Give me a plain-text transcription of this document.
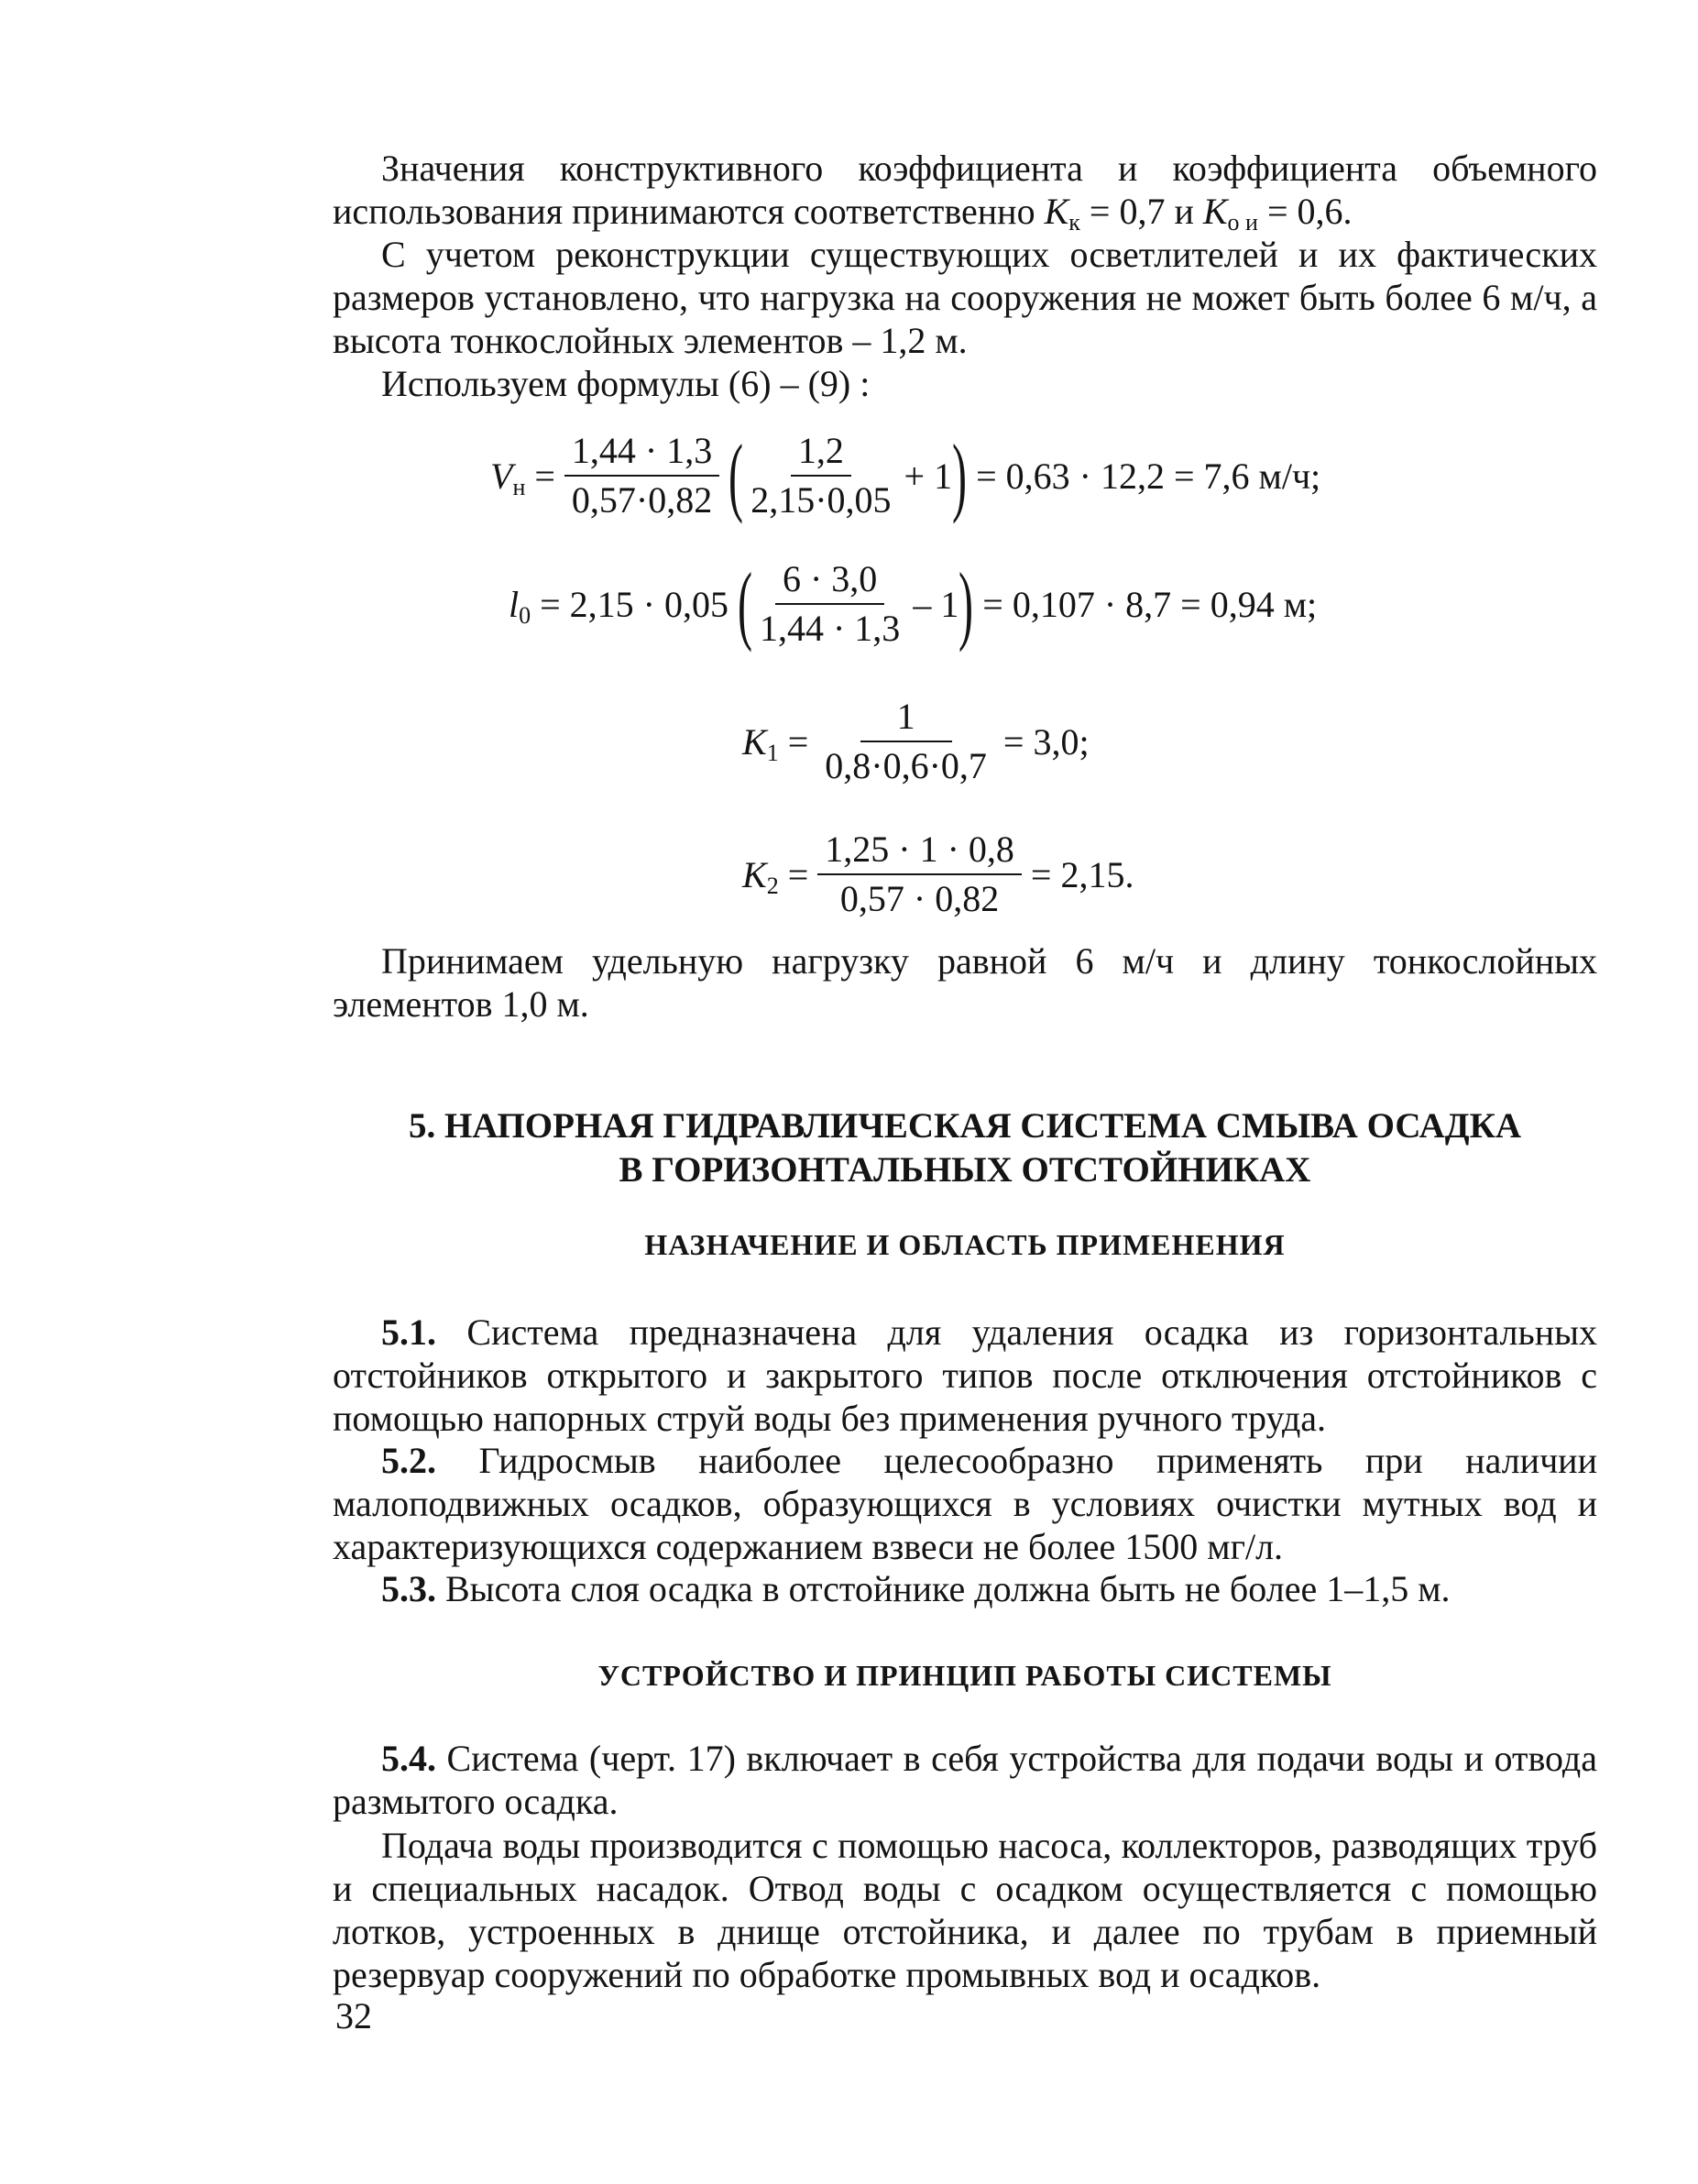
Значения конструктивного коэффициента и коэффициента объемного использования принимаются соответственно $K_к = 0,7$ и $K_{о и} = 0,6$.

С учетом реконструкции существующих осветлителей и их фактических размеров установлено, что нагрузка на сооружения не может быть более 6 м/ч, а высота тонкослойных элементов – 1,2 м.

Используем формулы (6) – (9) :

$V_н = \frac{1,44 \cdot 1,3}{0,57\cdot 0,82}$ ( $\frac{1,2}{2,15\cdot 0,05} + 1$ ) = 0,63 · 12,2 = 7,6 м/ч;
$l_0 = 2,15 \cdot 0,05$ ( $\frac{6 \cdot 3,0}{1,44 \cdot 1,3} - 1$ ) = 0,107 · 8,7 = 0,94 м;
$K_1 = \frac{1}{0,8\cdot 0,6\cdot 0,7} = 3,0$;
$K_2 = \frac{1,25 \cdot 1 \cdot 0,8}{0,57 \cdot 0,82} = 2,15$.

Принимаем удельную нагрузку равной 6 м/ч и длину тонкослойных элементов 1,0 м.

5. НАПОРНАЯ ГИДРАВЛИЧЕСКАЯ СИСТЕМА СМЫВА ОСАДКА
В ГОРИЗОНТАЛЬНЫХ ОТСТОЙНИКАХ
НАЗНАЧЕНИЕ И ОБЛАСТЬ ПРИМЕНЕНИЯ

5.1. Система предназначена для удаления осадка из горизонтальных отстойников открытого и закрытого типов после отключения отстойников с помощью напорных струй воды без применения ручного труда.

5.2. Гидросмыв наиболее целесообразно применять при наличии малоподвижных осадков, образующихся в условиях очистки мутных вод и характеризующихся содержанием взвеси не более 1500 мг/л.

5.3. Высота слоя осадка в отстойнике должна быть не более 1–1,5 м.

УСТРОЙСТВО И ПРИНЦИП РАБОТЫ СИСТЕМЫ

5.4. Система (черт. 17) включает в себя устройства для подачи воды и отвода размытого осадка.

Подача воды производится с помощью насоса, коллекторов, разводящих труб и специальных насадок. Отвод воды с осадком осуществляется с помощью лотков, устроенных в днище отстойника, и далее по трубам в приемный резервуар сооружений по обработке промывных вод и осадков.

32
